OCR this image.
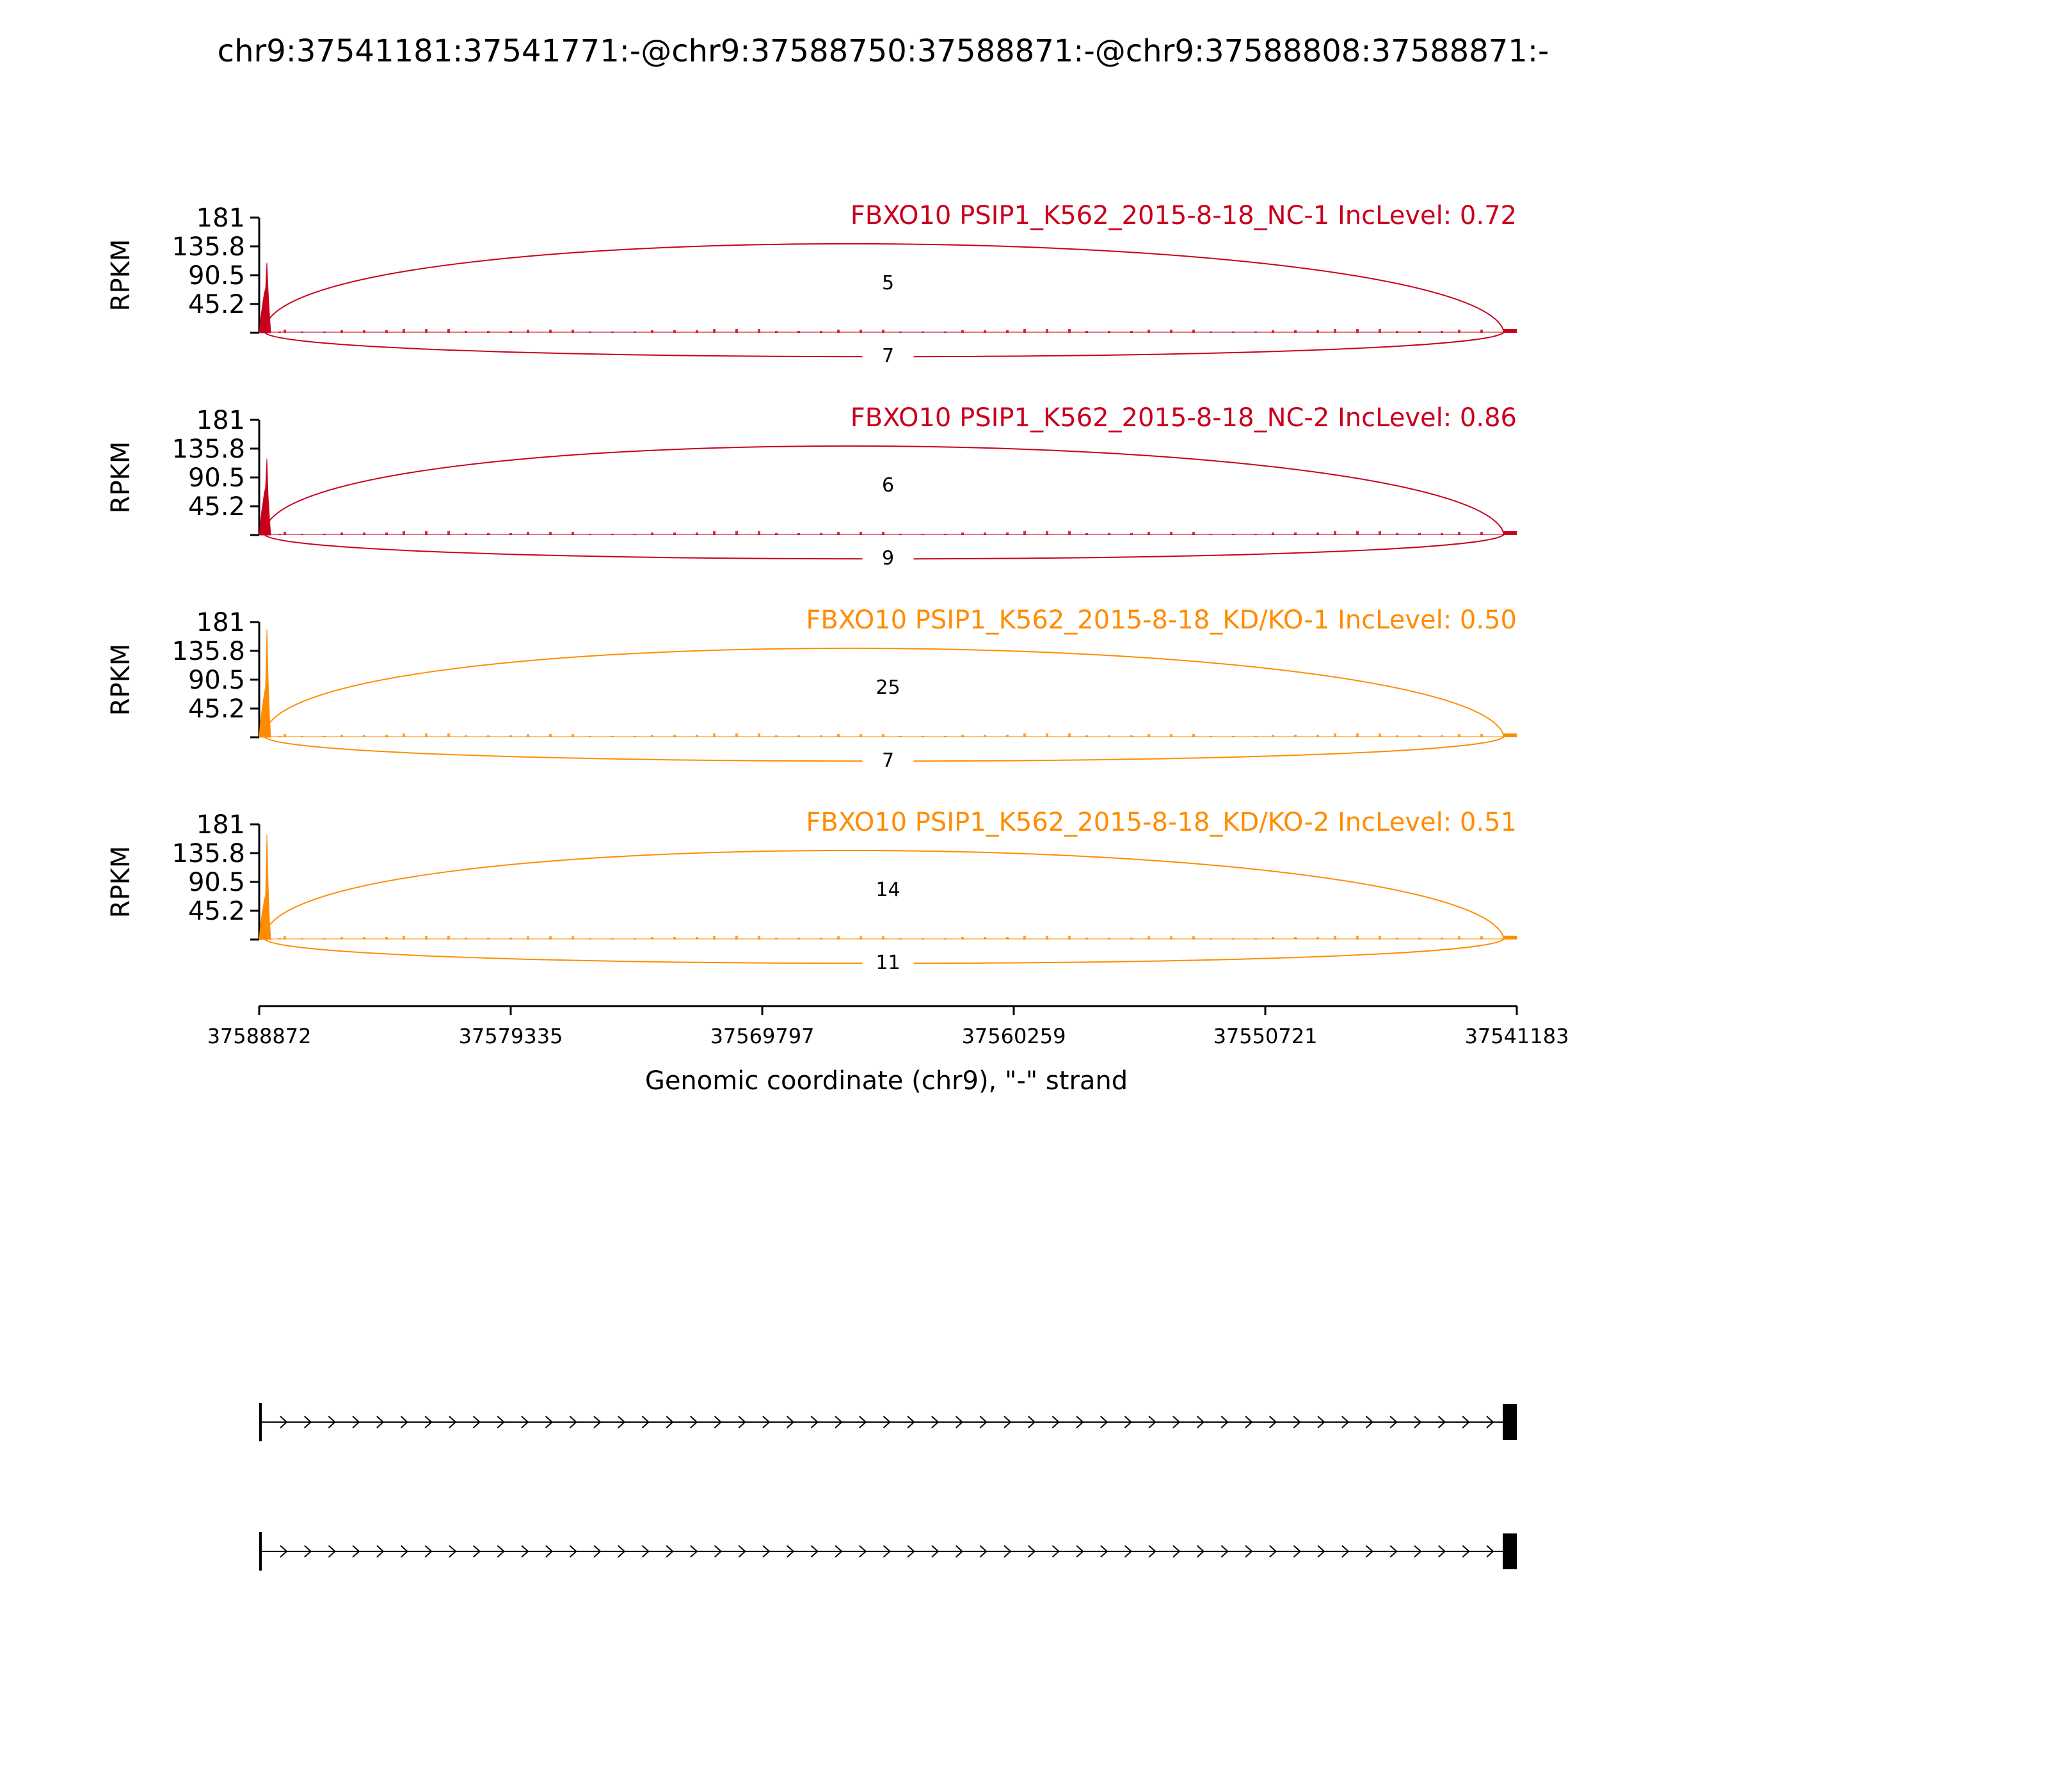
chr9:37541181:37541771:-@chr9:37588750:37588871:-@chr9:37588808:37588871:-
181
135.8
90.5
45.2
RPKM
FBXO10 PSIP1_K562_2015-8-18_NC-1 IncLevel: 0.72
5
7
181
135.8
90.5
45.2
RPKM
FBXO10 PSIP1_K562_2015-8-18_NC-2 IncLevel: 0.86
6
9
181
135.8
90.5
45.2
RPKM
FBXO10 PSIP1_K562_2015-8-18_KD/KO-1 IncLevel: 0.50
25
7
181
135.8
90.5
45.2
RPKM
FBXO10 PSIP1_K562_2015-8-18_KD/KO-2 IncLevel: 0.51
14
11
37588872	37579335	37569797	37560259	37550721	37541183
Genomic coordinate (chr9), "-" strand
